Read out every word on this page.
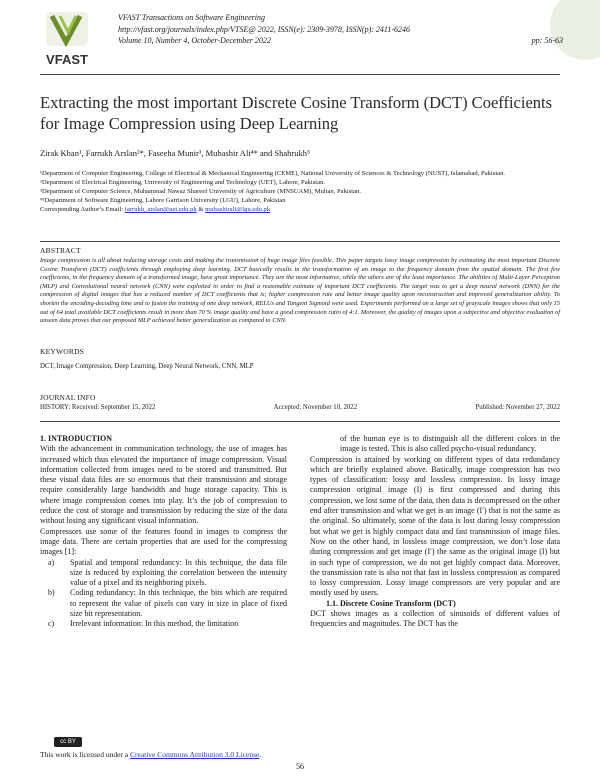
VFAST
VFAST Transactions on Software Engineering
http://vfast.org/journals/index.php/VTSE@ 2022, ISSN(e): 2309-3978, ISSN(p): 2411-6246
Volume 10, Number 4, October-December 2022	pp: 56-63
Extracting the most important Discrete Cosine Transform (DCT) Coefficients for Image Compression using Deep Learning
Zirak Khan¹, Farrukh Arslan²*, Faseeha Munir³, Mubashir Ali⁴* and Shahrukh⁵
¹Department of Computer Engineering, College of Electrical & Mechanical Engineering (CEME), National University of Sciences & Technology (NUST), Islamabad, Pakistan.
²Department of Electrical Engineering, University of Engineering and Technology (UET), Lahore, Pakistan.
³Department of Computer Science, Muhammad Nawaz Shareef University of Agriculture (MNSUAM), Multan, Pakistan.
⁴⁵Department of Software Engineering, Lahore Garrison University (LGU), Lahore, Pakistan
Corresponding Author’s Email: farrukh_arslan@uet.edu.pk & mubashirali@lgu.edu.pk
ABSTRACT
Image compression is all about reducing storage costs and making the transmission of huge image files feasible. This paper targets lossy image compression by estimating the most important Discrete Cosine Transform (DCT) coefficients through employing deep learning. DCT basically results in the transformation of an image to the frequency domain from the spatial domain. The first few coefficients, in the frequency domain of a transformed image, have great importance. They are the most informative, while the others are of the least importance. The abilities of Multi-Layer Perceptron (MLP) and Convolutional neural network (CNN) were exploited in order to find a reasonable estimate of important DCT coefficients. The target was to get a deep neural network (DNN) for the compression of digital images that has a reduced number of DCT coefficients that is; higher compression rate and better image quality upon reconstruction and improved generalization ability. To shorten the encoding-decoding time and to fasten the training of one deep network, RELUs and Tangent Sigmoid were used. Experiments performed on a large set of grayscale images shows that only 15 out of 64 total available DCT coefficients result in more than 70 % image quality and have a good compression ratio of 4:1. Moreover, the quality of images upon a subjective and objective evaluation of unseen data proves that our proposed MLP achieved better generalization as compared to CNN.
KEYWORDS
DCT, Image Compression, Deep Learning, Deep Neural Network, CNN, MLP
JOURNAL INFO
HISTORY: Received: September 15, 2022	Accepted: November 10, 2022	Published: November 27, 2022

1. INTRODUCTION

With the advancement in communication technology, the use of images has increased which thus elevated the importance of image compression. Visual information collected from images need to be stored and transmitted. But these visual data files are so enormous that their transmission and storage require considerably large bandwidth and huge storage capacity. This is where image compression comes into play. It’s the job of compression to reduce the cost of storage and transmission by reducing the size of the data without losing any significant visual information.

Compressors use some of the features found in images to compress the image data. There are certain properties that are used for the compressing images [1]:

a)	Spatial and temporal redundancy: In this technique, the data file size is reduced by exploiting the correlation between the intensity value of a pixel and its neighboring pixels.
b)	Coding redundancy: In this technique, the bits which are required to represent the value of pixels can vary in size in place of fixed size bit representation.
c)	Irrelevant information: In this method, the limitation

of the human eye is to distinguish all the different colors in the image is tested. This is also called psycho-visual redundancy.

Compression is attained by working on different types of data redundancy which are briefly explained above. Basically, image compression has two types of classification: lossy and lossless compression. In lossy image compression original image (I) is first compressed and during this compression, we lost some of the data, then data is decompressed on the other end after transmission and what we get is an image (I′) that is not the same as the original. So ultimately, some of the data is lost during lossy compression but what we get is highly compact data and fast transmission of image files. Now on the other hand, in lossless image compression, we don’t lose data during compression and get image (I′) the same as the original image (I) but in such type of compression, we do not get highly compact data. Moreover, the transmission rate is also not that fast in lossless compression as compared to lossy compression. Lossy image compressors are very popular and are mostly used by users.

1.1. Discrete Cosine Transform (DCT)

DCT shows images as a collection of sinusoids of different values of frequencies and magnitudes. The DCT has the

cc BY
This work is licensed under a Creative Commons Attribution 3.0 License.
56
